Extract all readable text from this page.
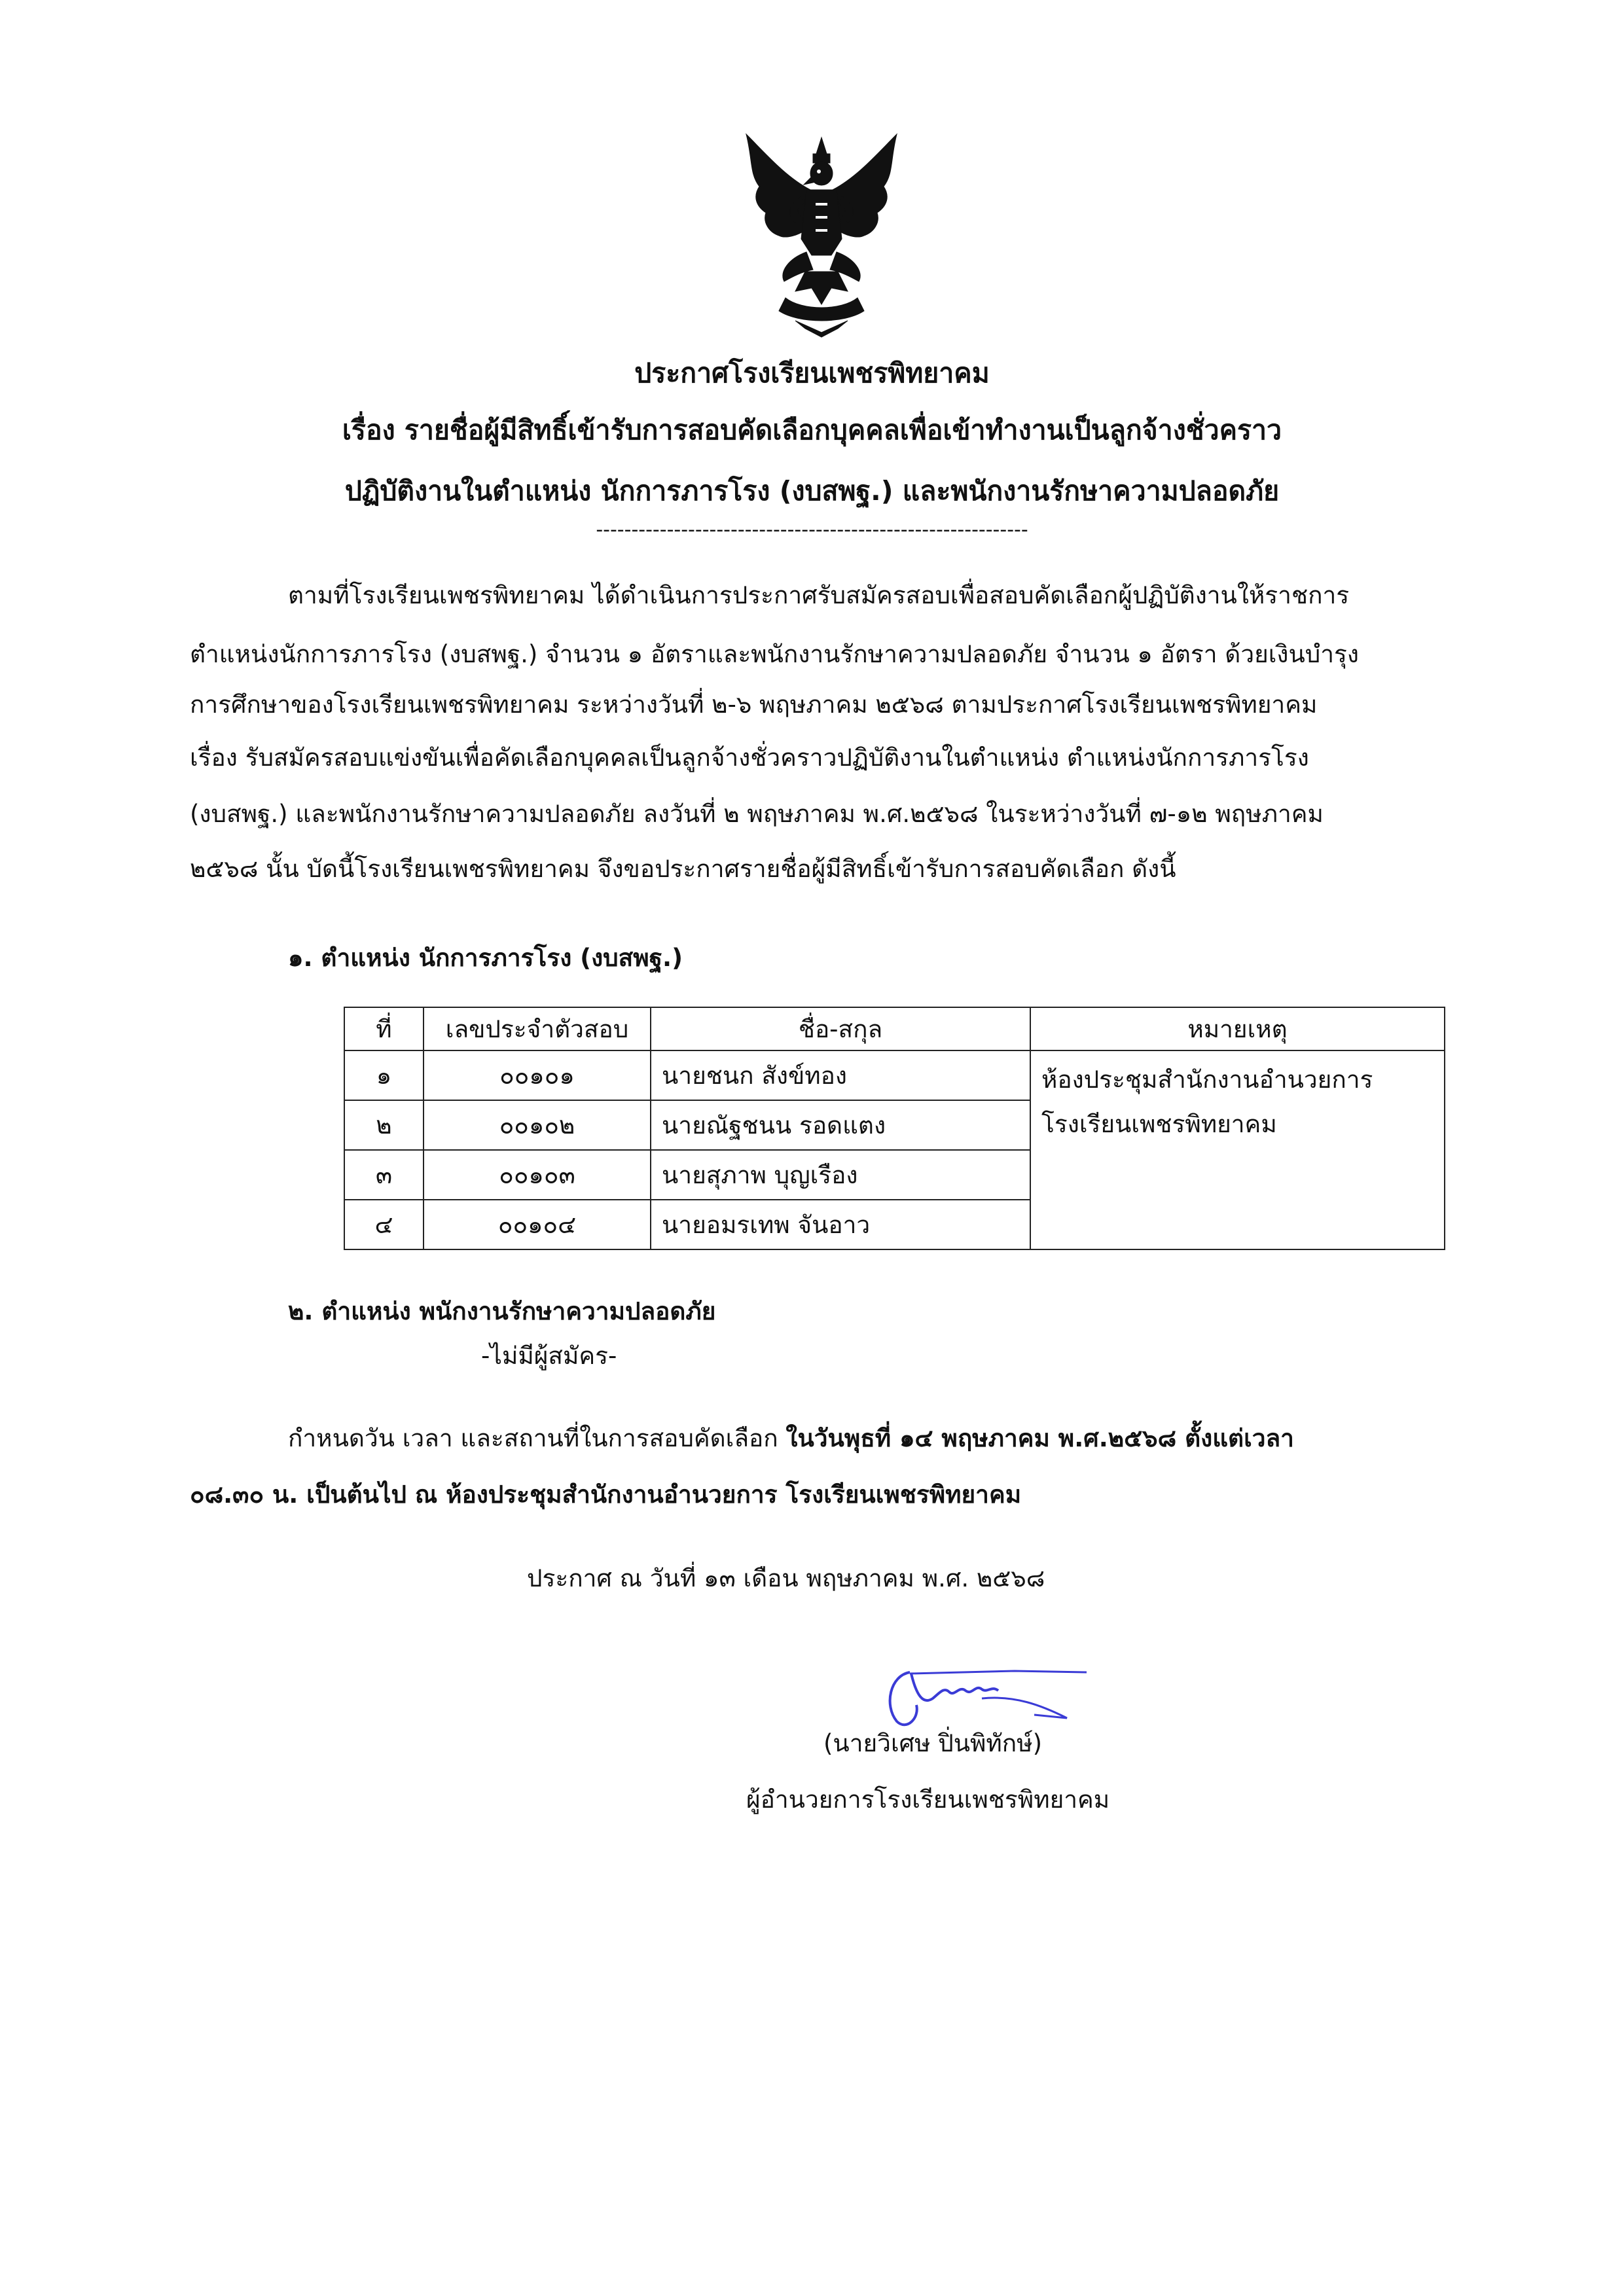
ประกาศโรงเรียนเพชรพิทยาคม
เรื่อง รายชื่อผู้มีสิทธิ์เข้ารับการสอบคัดเลือกบุคคลเพื่อเข้าทำงานเป็นลูกจ้างชั่วคราว
ปฏิบัติงานในตำแหน่ง นักการภารโรง (งบสพฐ.) และพนักงานรักษาความปลอดภัย
-------------------------------------------------------------
ตามที่โรงเรียนเพชรพิทยาคม ได้ดำเนินการประกาศรับสมัครสอบเพื่อสอบคัดเลือกผู้ปฏิบัติงานให้ราชการ
ตำแหน่งนักการภารโรง (งบสพฐ.) จำนวน ๑ อัตราและพนักงานรักษาความปลอดภัย จำนวน ๑ อัตรา ด้วยเงินบำรุง
การศึกษาของโรงเรียนเพชรพิทยาคม ระหว่างวันที่ ๒-๖ พฤษภาคม ๒๕๖๘ ตามประกาศโรงเรียนเพชรพิทยาคม
เรื่อง รับสมัครสอบแข่งขันเพื่อคัดเลือกบุคคลเป็นลูกจ้างชั่วคราวปฏิบัติงานในตำแหน่ง ตำแหน่งนักการภารโรง
(งบสพฐ.) และพนักงานรักษาความปลอดภัย ลงวันที่ ๒ พฤษภาคม พ.ศ.๒๕๖๘ ในระหว่างวันที่ ๗-๑๒ พฤษภาคม
๒๕๖๘ นั้น บัดนี้โรงเรียนเพชรพิทยาคม จึงขอประกาศรายชื่อผู้มีสิทธิ์เข้ารับการสอบคัดเลือก ดังนี้
๑. ตำแหน่ง นักการภารโรง (งบสพฐ.)
ที่	เลขประจำตัวสอบ	ชื่อ-สกุล	หมายเหตุ
๑	๐๐๑๐๑	นายชนก สังข์ทอง	ห้องประชุมสำนักงานอำนวยการ
โรงเรียนเพชรพิทยาคม

๒	๐๐๑๐๒	นายณัฐชนน รอดแตง	
๓	๐๐๑๐๓	นายสุภาพ บุญเรือง	
๔	๐๐๑๐๔	นายอมรเทพ จันอาว	
๒. ตำแหน่ง พนักงานรักษาความปลอดภัย
-ไม่มีผู้สมัคร-
กำหนดวัน เวลา และสถานที่ในการสอบคัดเลือก ในวันพุธที่ ๑๔ พฤษภาคม พ.ศ.๒๕๖๘ ตั้งแต่เวลา
๐๘.๓๐ น. เป็นต้นไป ณ ห้องประชุมสำนักงานอำนวยการ โรงเรียนเพชรพิทยาคม
ประกาศ ณ วันที่ ๑๓ เดือน พฤษภาคม พ.ศ. ๒๕๖๘
(นายวิเศษ ปิ่นพิทักษ์)
ผู้อำนวยการโรงเรียนเพชรพิทยาคม
